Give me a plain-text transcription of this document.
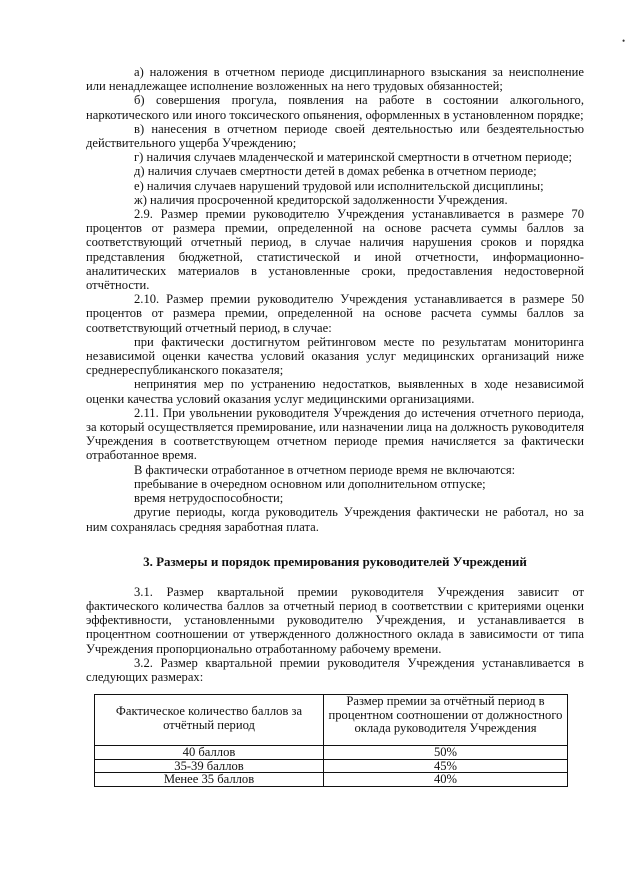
•

а) наложения в отчетном периоде дисциплинарного взыскания за неисполнение или ненадлежащее исполнение возложенных на него трудовых обязанностей;

б) совершения прогула, появления на работе в состоянии алкогольного, наркотического или иного токсического опьянения, оформленных в установленном порядке;

в) нанесения в отчетном периоде своей деятельностью или бездеятельностью действительного ущерба Учреждению;

г) наличия случаев младенческой и материнской смертности в отчетном периоде;

д) наличия случаев смертности детей в домах ребенка в отчетном периоде;

е) наличия случаев нарушений трудовой или исполнительской дисциплины;

ж) наличия просроченной кредиторской задолженности Учреждения.

2.9. Размер премии руководителю Учреждения устанавливается в размере 70 процентов от размера премии, определенной на основе расчета суммы баллов за соответствующий отчетный период, в случае наличия нарушения сроков и порядка представления бюджетной, статистической и иной отчетности, информационно-аналитических материалов в установленные сроки, предоставления недостоверной отчётности.

2.10. Размер премии руководителю Учреждения устанавливается в размере 50 процентов от размера премии, определенной на основе расчета суммы баллов за соответствующий отчетный период, в случае:

при фактически достигнутом рейтинговом месте по результатам мониторинга независимой оценки качества условий оказания услуг медицинских организаций ниже среднереспубликанского показателя;

непринятия мер по устранению недостатков, выявленных в ходе независимой оценки качества условий оказания услуг медицинскими организациями.

2.11. При увольнении руководителя Учреждения до истечения отчетного периода, за который осуществляется премирование, или назначении лица на должность руководителя Учреждения в соответствующем отчетном периоде премия начисляется за фактически отработанное время.

В фактически отработанное в отчетном периоде время не включаются:

пребывание в очередном основном или дополнительном отпуске;

время нетрудоспособности;

другие периоды, когда руководитель Учреждения фактически не работал, но за ним сохранялась средняя заработная плата.

3. Размеры и порядок премирования руководителей Учреждений

3.1. Размер квартальной премии руководителя Учреждения зависит от фактического количества баллов за отчетный период в соответствии с критериями оценки эффективности, установленными руководителю Учреждения, и устанавливается в процентном соотношении от утвержденного должностного оклада в зависимости от типа Учреждения пропорционально отработанному рабочему времени.

3.2. Размер квартальной премии руководителя Учреждения устанавливается в следующих размерах:

Фактическое количество баллов за отчётный период	Размер премии за отчётный период в процентном соотношении от должностного оклада руководителя Учреждения
40 баллов	50%
35-39 баллов	45%
Менее 35 баллов	40%
